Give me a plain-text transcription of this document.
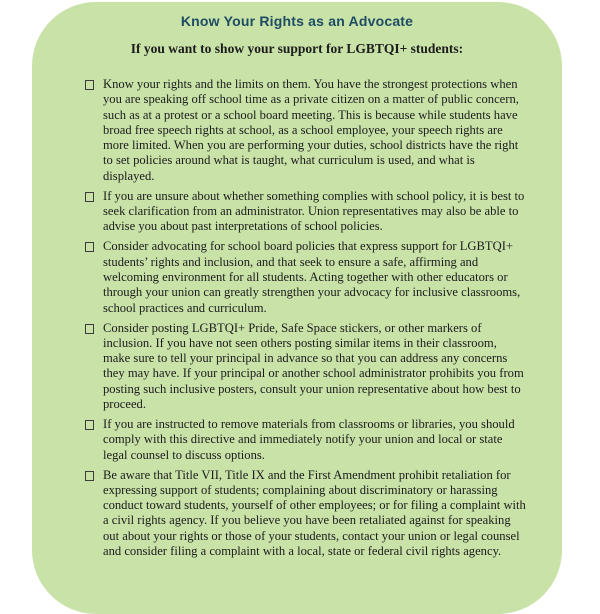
Know Your Rights as an Advocate
If you want to show your support for LGBTQI+ students:
Know your rights and the limits on them. You have the strongest protections when you are speaking off school time as a private citizen on a matter of public concern, such as at a protest or a school board meeting. This is because while students have broad free speech rights at school, as a school employee, your speech rights are more limited. When you are performing your duties, school districts have the right to set policies around what is taught, what curriculum is used, and what is displayed.
If you are unsure about whether something complies with school policy, it is best to seek clarification from an administrator. Union representatives may also be able to advise you about past interpretations of school policies.
Consider advocating for school board policies that express support for LGBTQI+ students’ rights and inclusion, and that seek to ensure a safe, affirming and welcoming environment for all students. Acting together with other educators or through your union can greatly strengthen your advocacy for inclusive classrooms, school practices and curriculum.
Consider posting LGBTQI+ Pride, Safe Space stickers, or other markers of inclusion. If you have not seen others posting similar items in their classroom, make sure to tell your principal in advance so that you can address any concerns they may have. If your principal or another school administrator prohibits you from posting such inclusive posters, consult your union representative about how best to proceed.
If you are instructed to remove materials from classrooms or libraries, you should comply with this directive and immediately notify your union and local or state legal counsel to discuss options.
Be aware that Title VII, Title IX and the First Amendment prohibit retaliation for expressing support of students; complaining about discriminatory or harassing conduct toward students, yourself of other employees; or for filing a complaint with a civil rights agency. If you believe you have been retaliated against for speaking out about your rights or those of your students, contact your union or legal counsel and consider filing a complaint with a local, state or federal civil rights agency.
